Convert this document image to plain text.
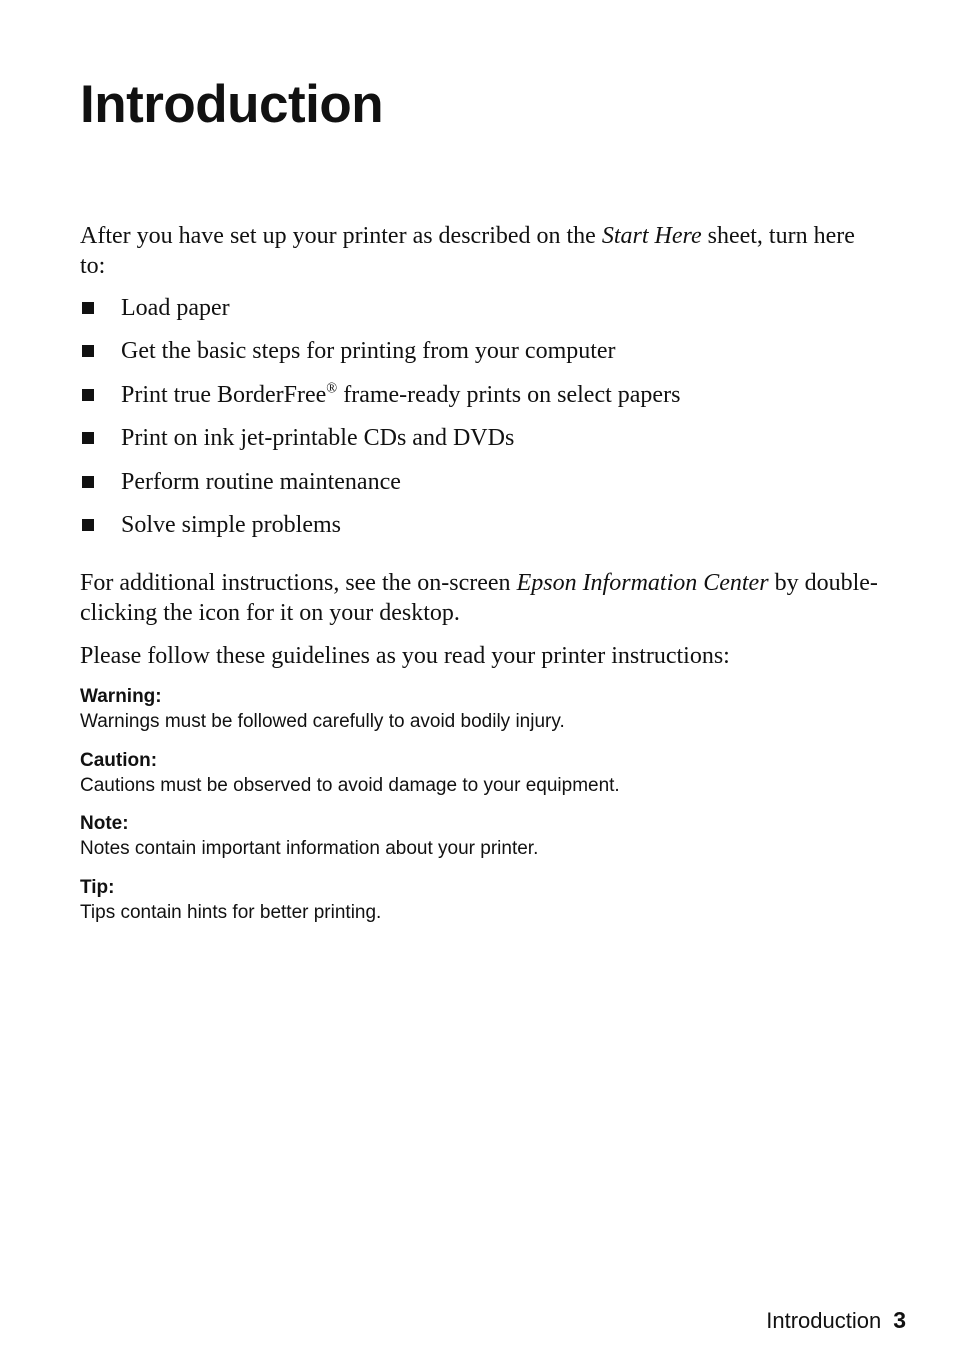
Introduction

After you have set up your printer as described on the Start Here sheet, turn here to:

Load paper
Get the basic steps for printing from your computer
Print true BorderFree® frame-ready prints on select papers
Print on ink jet-printable CDs and DVDs
Perform routine maintenance
Solve simple problems

For additional instructions, see the on-screen Epson Information Center by double-clicking the icon for it on your desktop.

Please follow these guidelines as you read your printer instructions:

Warning:
Warnings must be followed carefully to avoid bodily injury.
Caution:
Cautions must be observed to avoid damage to your equipment.
Note:
Notes contain important information about your printer.
Tip:
Tips contain hints for better printing.
Introduction 3
